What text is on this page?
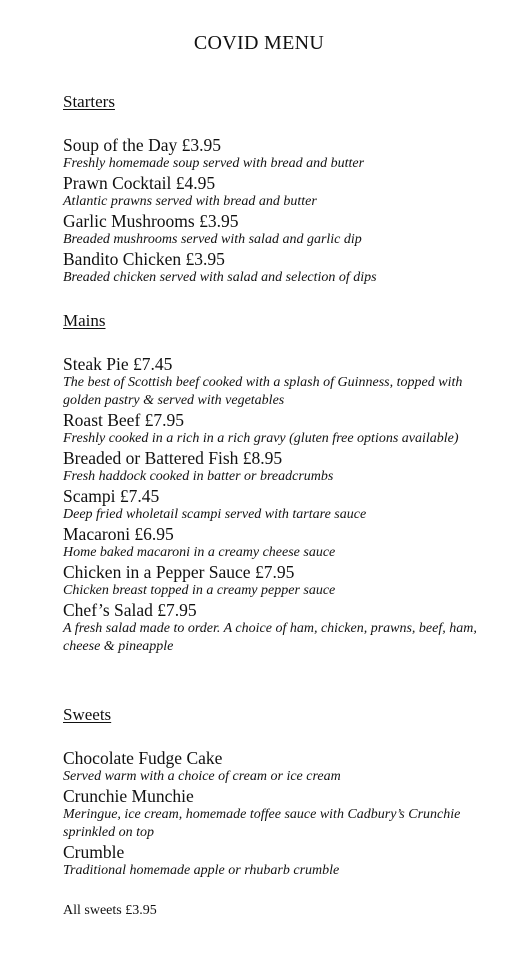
COVID MENU
Starters
Soup of the Day £3.95
Freshly homemade soup served with bread and butter
Prawn Cocktail £4.95
Atlantic prawns served with bread and butter
Garlic Mushrooms £3.95
Breaded mushrooms served with salad and garlic dip
Bandito Chicken £3.95
Breaded chicken served with salad and selection of dips
Mains
Steak Pie £7.45
The best of Scottish beef cooked with a splash of Guinness, topped with golden pastry & served with vegetables
Roast Beef £7.95
Freshly cooked in a rich in a rich gravy (gluten free options available)
Breaded or Battered Fish £8.95
Fresh haddock cooked in batter or breadcrumbs
Scampi £7.45
Deep fried wholetail scampi served with tartare sauce
Macaroni £6.95
Home baked macaroni in a creamy cheese sauce
Chicken in a Pepper Sauce £7.95
Chicken breast topped in a creamy pepper sauce
Chef’s Salad £7.95
A fresh salad made to order. A choice of ham, chicken, prawns, beef, ham, cheese & pineapple
Sweets
Chocolate Fudge Cake
Served warm with a choice of cream or ice cream
Crunchie Munchie
Meringue, ice cream, homemade toffee sauce with Cadbury’s Crunchie sprinkled on top
Crumble
Traditional homemade apple or rhubarb crumble
All sweets £3.95
